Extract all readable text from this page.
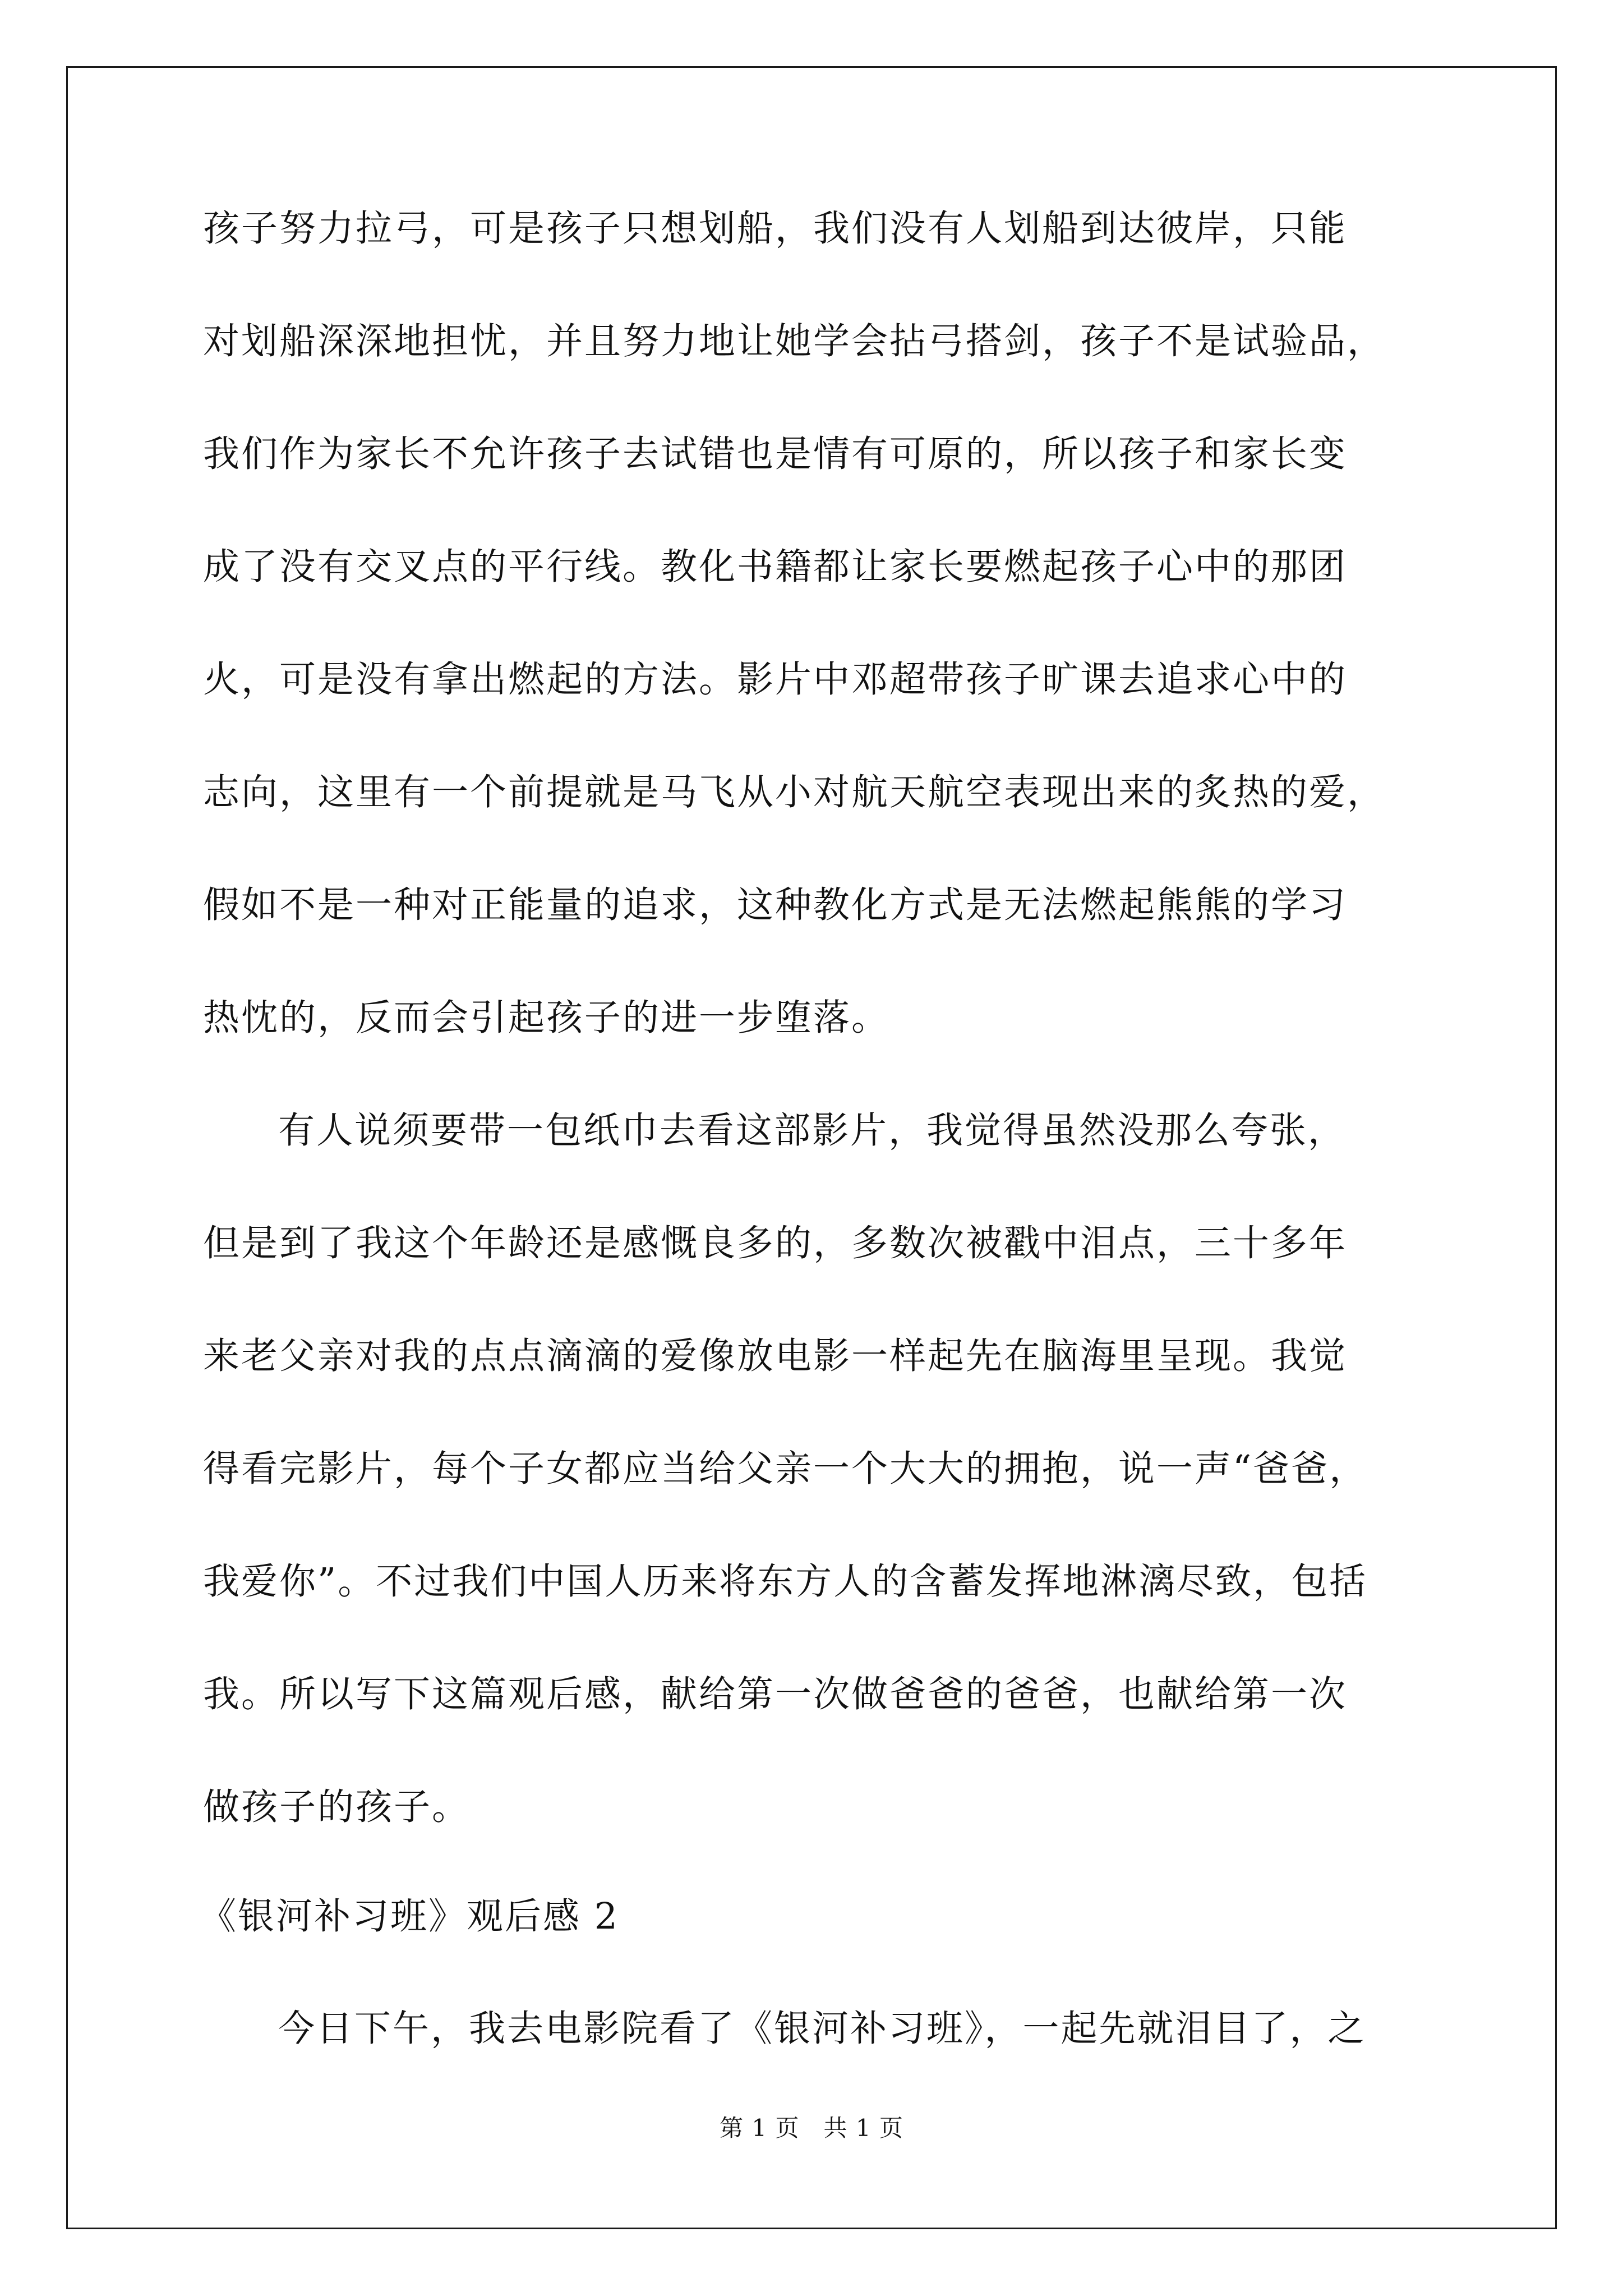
孩子努力拉弓，可是孩子只想划船，我们没有人划船到达彼岸，只能

对划船深深地担忧，并且努力地让她学会拈弓搭剑，孩子不是试验品，

我们作为家长不允许孩子去试错也是情有可原的，所以孩子和家长变

成了没有交叉点的平行线。教化书籍都让家长要燃起孩子心中的那团

火，可是没有拿出燃起的方法。影片中邓超带孩子旷课去追求心中的

志向，这里有一个前提就是马飞从小对航天航空表现出来的炙热的爱，

假如不是一种对正能量的追求，这种教化方式是无法燃起熊熊的学习

热忱的，反而会引起孩子的进一步堕落。

有人说须要带一包纸巾去看这部影片，我觉得虽然没那么夸张，

但是到了我这个年龄还是感慨良多的，多数次被戳中泪点，三十多年

来老父亲对我的点点滴滴的爱像放电影一样起先在脑海里呈现。我觉

得看完影片，每个子女都应当给父亲一个大大的拥抱，说一声“爸爸，

我爱你”。不过我们中国人历来将东方人的含蓄发挥地淋漓尽致，包括

我。所以写下这篇观后感，献给第一次做爸爸的爸爸，也献给第一次

做孩子的孩子。

《银河补习班》观后感 2

今日下午，我去电影院看了《银河补习班》，一起先就泪目了，之

第 1 页　共 1 页
